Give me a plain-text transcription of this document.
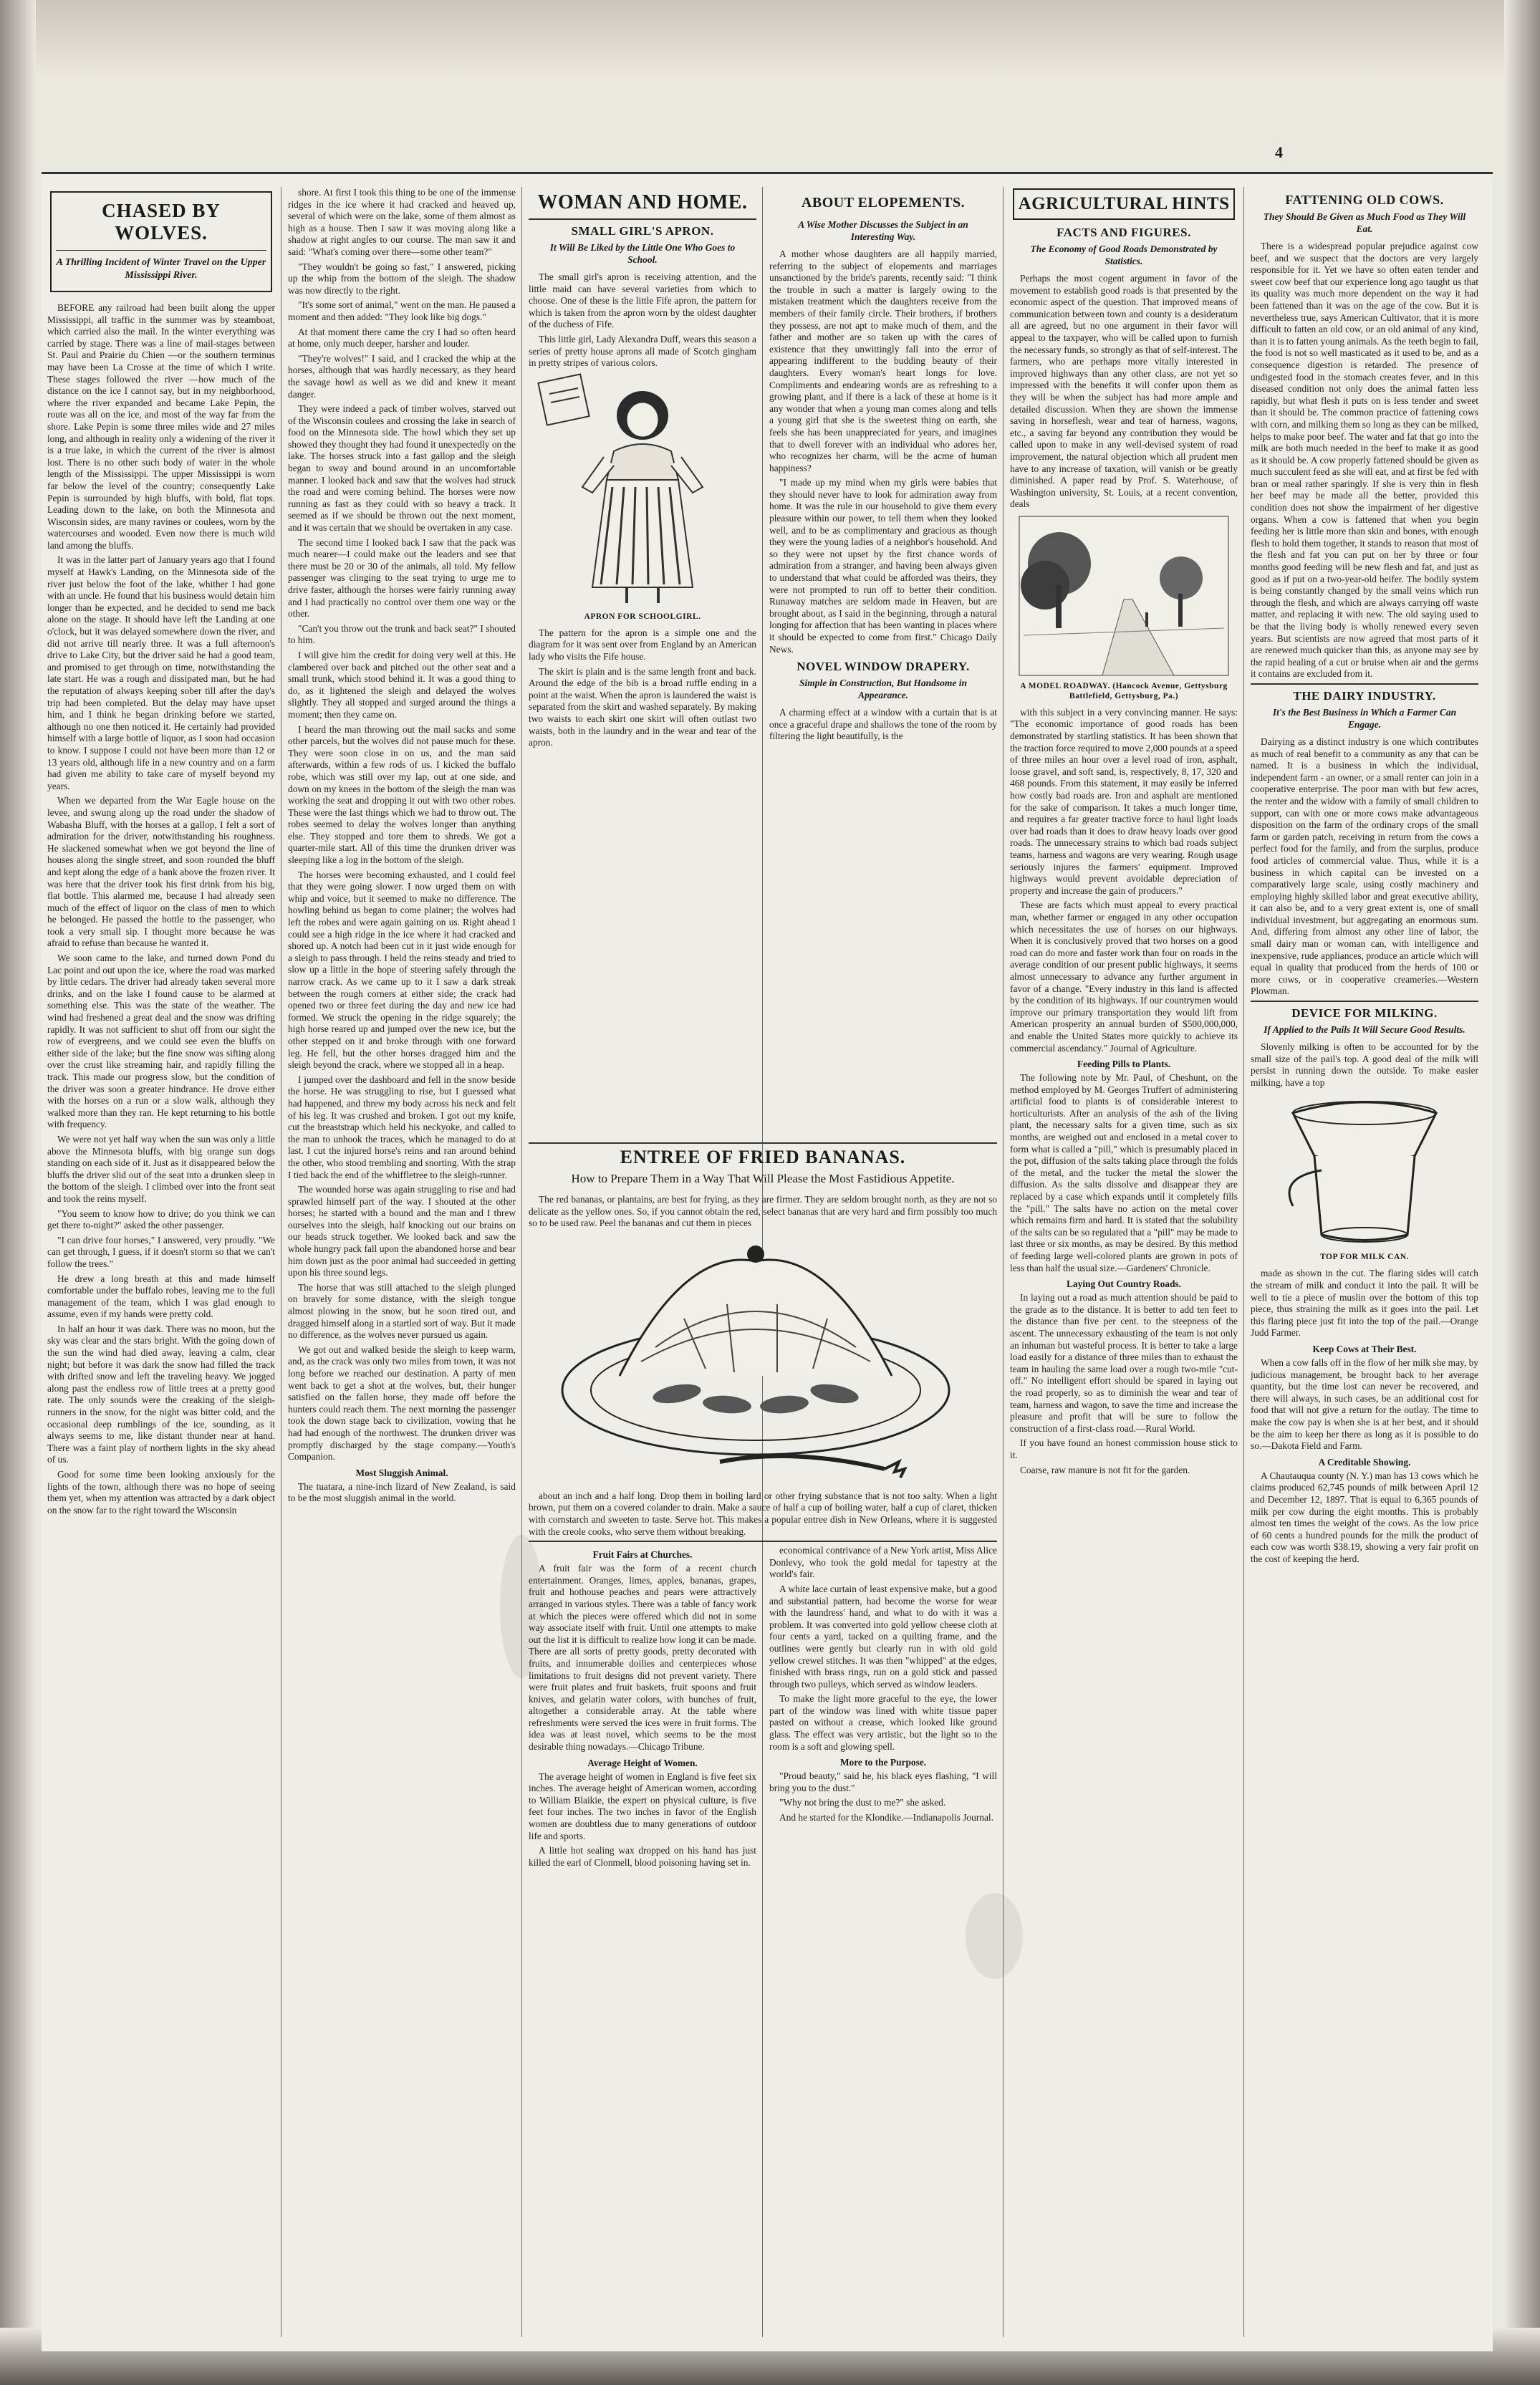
4
CHASED BY WOLVES.
A Thrilling Incident of Winter Travel on the Upper Mississippi River.

BEFORE any railroad had been built along the upper Mississippi, all traffic in the summer was by steamboat, which carried also the mail. In the winter everything was carried by stage. There was a line of mail-stages between St. Paul and Prairie du Chien —or the southern terminus may have been La Crosse at the time of which I write. These stages followed the river —how much of the distance on the ice I cannot say, but in my neighborhood, where the river expanded and became Lake Pepin, the route was all on the ice, and most of the way far from the shore. Lake Pepin is some three miles wide and 27 miles long, and although in reality only a widening of the river it is a true lake, in which the current of the river is almost lost. There is no other such body of water in the whole length of the Mississippi. The upper Mississippi is worn far below the level of the country; consequently Lake Pepin is surrounded by high bluffs, with bold, flat tops. Leading down to the lake, on both the Minnesota and Wisconsin sides, are many ravines or coulees, worn by the watercourses and wooded. Even now there is much wild land among the bluffs.

It was in the latter part of January years ago that I found myself at Hawk's Landing, on the Minnesota side of the river just below the foot of the lake, whither I had gone with an uncle. He found that his business would detain him longer than he expected, and he decided to send me back alone on the stage. It should have left the Landing at one o'clock, but it was delayed somewhere down the river, and did not arrive till nearly three. It was a full afternoon's drive to Lake City, but the driver said he had a good team, and promised to get through on time, notwithstanding the late start. He was a rough and dissipated man, but he had the reputation of always keeping sober till after the day's trip had been completed. But the delay may have upset him, and I think he began drinking before we started, although no one then noticed it. He certainly had provided himself with a large bottle of liquor, as I soon had occasion to know. I suppose I could not have been more than 12 or 13 years old, although life in a new country and on a farm had given me ability to take care of myself beyond my years.

When we departed from the War Eagle house on the levee, and swung along up the road under the shadow of Wabasha Bluff, with the horses at a gallop, I felt a sort of admiration for the driver, notwithstanding his roughness. He slackened somewhat when we got beyond the line of houses along the single street, and soon rounded the bluff and kept along the edge of a bank above the frozen river. It was here that the driver took his first drink from his big, flat bottle. This alarmed me, because I had already seen much of the effect of liquor on the class of men to which he belonged. He passed the bottle to the passenger, who took a very small sip. I thought more because he was afraid to refuse than because he wanted it.

We soon came to the lake, and turned down Pond du Lac point and out upon the ice, where the road was marked by little cedars. The driver had already taken several more drinks, and on the lake I found cause to be alarmed at something else. This was the state of the weather. The wind had freshened a great deal and the snow was drifting rapidly. It was not sufficient to shut off from our sight the row of evergreens, and we could see even the bluffs on either side of the lake; but the fine snow was sifting along over the crust like streaming hair, and rapidly filling the track. This made our progress slow, but the condition of the driver was soon a greater hindrance. He drove either with the horses on a run or a slow walk, although they walked more than they ran. He kept returning to his bottle with frequency.

We were not yet half way when the sun was only a little above the Minnesota bluffs, with big orange sun dogs standing on each side of it. Just as it disappeared below the bluffs the driver slid out of the seat into a drunken sleep in the bottom of the sleigh. I climbed over into the front seat and took the reins myself.

"You seem to know how to drive; do you think we can get there to-night?" asked the other passenger.

"I can drive four horses," I answered, very proudly. "We can get through, I guess, if it doesn't storm so that we can't follow the trees."

He drew a long breath at this and made himself comfortable under the buffalo robes, leaving me to the full management of the team, which I was glad enough to assume, even if my hands were pretty cold.

In half an hour it was dark. There was no moon, but the sky was clear and the stars bright. With the going down of the sun the wind had died away, leaving a calm, clear night; but before it was dark the snow had filled the track with drifted snow and left the traveling heavy. We jogged along past the endless row of little trees at a pretty good rate. The only sounds were the creaking of the sleigh-runners in the snow, for the night was bitter cold, and the occasional deep rumblings of the ice, sounding, as it always seems to me, like distant thunder near at hand. There was a faint play of northern lights in the sky ahead of us.

Good for some time been looking anxiously for the lights of the town, although there was no hope of seeing them yet, when my attention was attracted by a dark object on the snow far to the right toward the Wisconsin

shore. At first I took this thing to be one of the immense ridges in the ice where it had cracked and heaved up, several of which were on the lake, some of them almost as high as a house. Then I saw it was moving along like a shadow at right angles to our course. The man saw it and said: "What's coming over there—some other team?"

"They wouldn't be going so fast," I answered, picking up the whip from the bottom of the sleigh. The shadow was now directly to the right.

"It's some sort of animal," went on the man. He paused a moment and then added: "They look like big dogs."

At that moment there came the cry I had so often heard at home, only much deeper, harsher and louder.

"They're wolves!" I said, and I cracked the whip at the horses, although that was hardly necessary, as they heard the savage howl as well as we did and knew it meant danger.

They were indeed a pack of timber wolves, starved out of the Wisconsin coulees and crossing the lake in search of food on the Minnesota side. The howl which they set up showed they thought they had found it unexpectedly on the lake. The horses struck into a fast gallop and the sleigh began to sway and bound around in an uncomfortable manner. I looked back and saw that the wolves had struck the road and were coming behind. The horses were now running as fast as they could with so heavy a track. It seemed as if we should be thrown out the next moment, and it was certain that we should be overtaken in any case.

The second time I looked back I saw that the pack was much nearer—I could make out the leaders and see that there must be 20 or 30 of the animals, all told. My fellow passenger was clinging to the seat trying to urge me to drive faster, although the horses were fairly running away and I had practically no control over them one way or the other.

"Can't you throw out the trunk and back seat?" I shouted to him.

I will give him the credit for doing very well at this. He clambered over back and pitched out the other seat and a small trunk, which stood behind it. It was a good thing to do, as it lightened the sleigh and delayed the wolves slightly. They all stopped and surged around the things a moment; then they came on.

I heard the man throwing out the mail sacks and some other parcels, but the wolves did not pause much for these. They were soon close in on us, and the man said afterwards, within a few rods of us. I kicked the buffalo robe, which was still over my lap, out at one side, and down on my knees in the bottom of the sleigh the man was working the seat and dropping it out with two other robes. These were the last things which we had to throw out. The robes seemed to delay the wolves longer than anything else. They stopped and tore them to shreds. We got a quarter-mile start. All of this time the drunken driver was sleeping like a log in the bottom of the sleigh.

The horses were becoming exhausted, and I could feel that they were going slower. I now urged them on with whip and voice, but it seemed to make no difference. The howling behind us began to come plainer; the wolves had left the robes and were again gaining on us. Right ahead I could see a high ridge in the ice where it had cracked and shored up. A notch had been cut in it just wide enough for a sleigh to pass through. I held the reins steady and tried to slow up a little in the hope of steering safely through the narrow crack. As we came up to it I saw a dark streak between the rough corners at either side; the crack had opened two or three feet during the day and new ice had formed. We struck the opening in the ridge squarely; the high horse reared up and jumped over the new ice, but the other stepped on it and broke through with one forward leg. He fell, but the other horses dragged him and the sleigh beyond the crack, where we stopped all in a heap.

I jumped over the dashboard and fell in the snow beside the horse. He was struggling to rise, but I guessed what had happened, and threw my body across his neck and felt of his leg. It was crushed and broken. I got out my knife, cut the breaststrap which held his neckyoke, and called to the man to unhook the traces, which he managed to do at last. I cut the injured horse's reins and ran around behind the other, who stood trembling and snorting. With the strap I tied back the end of the whiffletree to the sleigh-runner.

The wounded horse was again struggling to rise and had sprawled himself part of the way. I shouted at the other horses; he started with a bound and the man and I threw ourselves into the sleigh, half knocking out our brains on our heads struck together. We looked back and saw the whole hungry pack fall upon the abandoned horse and bear him down just as the poor animal had succeeded in getting upon his three sound legs.

The horse that was still attached to the sleigh plunged on bravely for some distance, with the sleigh tongue almost plowing in the snow, but he soon tired out, and dragged himself along in a startled sort of way. But it made no difference, as the wolves never pursued us again.

We got out and walked beside the sleigh to keep warm, and, as the crack was only two miles from town, it was not long before we reached our destination. A party of men went back to get a shot at the wolves, but, their hunger satisfied on the fallen horse, they made off before the hunters could reach them. The next morning the passenger took the down stage back to civilization, vowing that he had had enough of the northwest. The drunken driver was promptly discharged by the stage company.—Youth's Companion.

Most Sluggish Animal.

The tuatara, a nine-inch lizard of New Zealand, is said to be the most sluggish animal in the world.

WOMAN AND HOME.
SMALL GIRL'S APRON.
It Will Be Liked by the Little One Who Goes to School.

The small girl's apron is receiving attention, and the little maid can have several varieties from which to choose. One of these is the little Fife apron, the pattern for which is taken from the apron worn by the oldest daughter of the duchess of Fife.

This little girl, Lady Alexandra Duff, wears this season a series of pretty house aprons all made of Scotch gingham in pretty stripes of various colors.

APRON FOR SCHOOLGIRL.

The pattern for the apron is a simple one and the diagram for it was sent over from England by an American lady who visits the Fife house.

The skirt is plain and is the same length front and back. Around the edge of the bib is a broad ruffle ending in a point at the waist. When the apron is laundered the waist is separated from the skirt and washed separately. By making two waists to each skirt one skirt will often outlast two waists, both in the laundry and in the wear and tear of the apron.

ABOUT ELOPEMENTS.
A Wise Mother Discusses the Subject in an Interesting Way.

A mother whose daughters are all happily married, referring to the subject of elopements and marriages unsanctioned by the bride's parents, recently said: "I think the trouble in such a matter is largely owing to the mistaken treatment which the daughters receive from the members of their family circle. Their brothers, if brothers they possess, are not apt to make much of them, and the father and mother are so taken up with the cares of existence that they unwittingly fall into the error of appearing indifferent to the budding beauty of their daughters. Every woman's heart longs for love. Compliments and endearing words are as refreshing to a growing plant, and if there is a lack of these at home is it any wonder that when a young man comes along and tells a young girl that she is the sweetest thing on earth, she feels she has been unappreciated for years, and imagines that to dwell forever with an individual who adores her, who recognizes her charm, will be the acme of human happiness?

"I made up my mind when my girls were babies that they should never have to look for admiration away from home. It was the rule in our household to give them every pleasure within our power, to tell them when they looked well, and to be as complimentary and gracious as though they were the young ladies of a neighbor's household. And so they were not upset by the first chance words of admiration from a stranger, and having been always given to understand that what could be afforded was theirs, they were not prompted to run off to better their condition. Runaway matches are seldom made in Heaven, but are brought about, as I said in the beginning, through a natural longing for affection that has been wanting in places where it should be expected to come from first." Chicago Daily News.

NOVEL WINDOW DRAPERY.
Simple in Construction, But Handsome in Appearance.

A charming effect at a window with a curtain that is at once a graceful drape and shallows the tone of the room by filtering the light beautifully, is the

ENTREE OF FRIED BANANAS.
How to Prepare Them in a Way That Will Please the Most Fastidious Appetite.

The red bananas, or plantains, are best for frying, as they are firmer. They are seldom brought north, as they are not so delicate as the yellow ones. So, if you cannot obtain the red, select bananas that are very hard and firm possibly too much so to be used raw. Peel the bananas and cut them in pieces

about an inch and a half long. Drop them in boiling lard or other frying substance that is not too salty. When a light brown, put them on a covered colander to drain. Make a sauce of half a cup of boiling water, half a cup of claret, thicken with cornstarch and sweeten to taste. Serve hot. This makes a popular entree dish in New Orleans, where it is suggested with the creole cooks, who serve them without breaking.

Fruit Fairs at Churches.

A fruit fair was the form of a recent church entertainment. Oranges, limes, apples, bananas, grapes, fruit and hothouse peaches and pears were attractively arranged in various styles. There was a table of fancy work at which the pieces were offered which did not in some way associate itself with fruit. Until one attempts to make out the list it is difficult to realize how long it can be made. There are all sorts of pretty goods, pretty decorated with fruits, and innumerable doilies and centerpieces whose limitations to fruit designs did not prevent variety. There were fruit plates and fruit baskets, fruit spoons and fruit knives, and gelatin water colors, with bunches of fruit, altogether a considerable array. At the table where refreshments were served the ices were in fruit forms. The idea was at least novel, which seems to be the most desirable thing nowadays.—Chicago Tribune.

Average Height of Women.

The average height of women in England is five feet six inches. The average height of American women, according to William Blaikie, the expert on physical culture, is five feet four inches. The two inches in favor of the English women are doubtless due to many generations of outdoor life and sports.

A little hot sealing wax dropped on his hand has just killed the earl of Clonmell, blood poisoning having set in.

economical contrivance of a New York artist, Miss Alice Donlevy, who took the gold medal for tapestry at the world's fair.

A white lace curtain of least expensive make, but a good and substantial pattern, had become the worse for wear with the laundress' hand, and what to do with it was a problem. It was converted into gold yellow cheese cloth at four cents a yard, tacked on a quilting frame, and the outlines were gently but clearly run in with old gold yellow crewel stitches. It was then "whipped" at the edges, finished with brass rings, run on a gold stick and passed through two pulleys, which served as window leaders.

To make the light more graceful to the eye, the lower part of the window was lined with white tissue paper pasted on without a crease, which looked like ground glass. The effect was very artistic, but the light so to the room is a soft and glowing spell.

More to the Purpose.

"Proud beauty," said he, his black eyes flashing, "I will bring you to the dust."

"Why not bring the dust to me?" she asked.

And he started for the Klondike.—Indianapolis Journal.

AGRICULTURAL HINTS
FACTS AND FIGURES.
The Economy of Good Roads Demonstrated by Statistics.

Perhaps the most cogent argument in favor of the movement to establish good roads is that presented by the economic aspect of the question. That improved means of communication between town and county is a desideratum all are agreed, but no one argument in their favor will appeal to the taxpayer, who will be called upon to furnish the necessary funds, so strongly as that of self-interest. The farmers, who are perhaps more vitally interested in improved highways than any other class, are not yet so impressed with the benefits it will confer upon them as they will be when the subject has had more ample and detailed discussion. When they are shown the immense saving in horseflesh, wear and tear of harness, wagons, etc., a saving far beyond any contribution they would be called upon to make in any well-devised system of road improvement, the natural objection which all prudent men have to any increase of taxation, will vanish or be greatly diminished. A paper read by Prof. S. Waterhouse, of Washington university, St. Louis, at a recent convention, deals

A MODEL ROADWAY. (Hancock Avenue, Gettysburg Battlefield, Gettysburg, Pa.)

with this subject in a very convincing manner. He says: "The economic importance of good roads has been demonstrated by startling statistics. It has been shown that the traction force required to move 2,000 pounds at a speed of three miles an hour over a level road of iron, asphalt, loose gravel, and soft sand, is, respectively, 8, 17, 320 and 468 pounds. From this statement, it may easily be inferred how costly bad roads are. Iron and asphalt are mentioned for the sake of comparison. It takes a much longer time, and requires a far greater tractive force to haul light loads over bad roads than it does to draw heavy loads over good roads. The unnecessary strains to which bad roads subject teams, harness and wagons are very wearing. Rough usage seriously injures the farmers' equipment. Improved highways would prevent avoidable depreciation of property and increase the gain of producers."

These are facts which must appeal to every practical man, whether farmer or engaged in any other occupation which necessitates the use of horses on our highways. When it is conclusively proved that two horses on a good road can do more and faster work than four on roads in the average condition of our present public highways, it seems almost unnecessary to advance any further argument in favor of a change. "Every industry in this land is affected by the condition of its highways. If our countrymen would improve our primary transportation they would lift from American prosperity an annual burden of $500,000,000, and enable the United States more quickly to achieve its commercial ascendancy." Journal of Agriculture.

Feeding Pills to Plants.

The following note by Mr. Paul, of Cheshunt, on the method employed by M. Georges Truffert of administering artificial food to plants is of considerable interest to horticulturists. After an analysis of the ash of the living plant, the necessary salts for a given time, such as six months, are weighed out and enclosed in a metal cover to form what is called a "pill," which is presumably placed in the pot, diffusion of the salts taking place through the folds of the metal, and the tucker the metal the slower the diffusion. As the salts dissolve and disappear they are replaced by a case which expands until it completely fills the "pill." The salts have no action on the metal cover which remains firm and hard. It is stated that the solubility of the salts can be so regulated that a "pill" may be made to last three or six months, as may be desired. By this method of feeding large well-colored plants are grown in pots of less than half the usual size.—Gardeners' Chronicle.

Laying Out Country Roads.

In laying out a road as much attention should be paid to the grade as to the distance. It is better to add ten feet to the distance than five per cent. to the steepness of the ascent. The unnecessary exhausting of the team is not only an inhuman but wasteful process. It is better to take a large load easily for a distance of three miles than to exhaust the team in hauling the same load over a rough two-mile "cut-off." No intelligent effort should be spared in laying out the road properly, so as to diminish the wear and tear of team, harness and wagon, to save the time and increase the pleasure and profit that will be sure to follow the construction of a first-class road.—Rural World.

If you have found an honest commission house stick to it.

Coarse, raw manure is not fit for the garden.

FATTENING OLD COWS.
They Should Be Given as Much Food as They Will Eat.

There is a widespread popular prejudice against cow beef, and we suspect that the doctors are very largely responsible for it. Yet we have so often eaten tender and sweet cow beef that our experience long ago taught us that its quality was much more dependent on the way it had been fattened than it was on the age of the cow. But it is nevertheless true, says American Cultivator, that it is more difficult to fatten an old cow, or an old animal of any kind, than it is to fatten young animals. As the teeth begin to fail, the food is not so well masticated as it used to be, and as a consequence digestion is retarded. The presence of undigested food in the stomach creates fever, and in this diseased condition not only does the animal fatten less rapidly, but what flesh it puts on is less tender and sweet than it should be. The common practice of fattening cows with corn, and milking them so long as they can be milked, helps to make poor beef. The water and fat that go into the milk are both much needed in the beef to make it as good as it should be. A cow properly fattened should be given as much succulent feed as she will eat, and at first be fed with bran or meal rather sparingly. If she is very thin in flesh her beef may be made all the better, provided this condition does not show the impairment of her digestive organs. When a cow is fattened that when you begin feeding her is little more than skin and bones, with enough flesh to hold them together, it stands to reason that most of the flesh and fat you can put on her by three or four months good feeding will be new flesh and fat, and just as good as if put on a two-year-old heifer. The bodily system is being constantly changed by the small veins which run through the flesh, and which are always carrying off waste matter, and replacing it with new. The old saying used to be that the living body is wholly renewed every seven years. But scientists are now agreed that most parts of it are renewed much quicker than this, as anyone may see by the rapid healing of a cut or bruise when air and the germs it contains are excluded from it.

THE DAIRY INDUSTRY.
It's the Best Business in Which a Farmer Can Engage.

Dairying as a distinct industry is one which contributes as much of real benefit to a community as any that can be named. It is a business in which the individual, independent farm - an owner, or a small renter can join in a cooperative enterprise. The poor man with but few acres, the renter and the widow with a family of small children to support, can with one or more cows make advantageous disposition on the farm of the ordinary crops of the small farm or garden patch, receiving in return from the cows a perfect food for the family, and from the surplus, produce food articles of commercial value. Thus, while it is a business in which capital can be invested on a comparatively large scale, using costly machinery and employing highly skilled labor and great executive ability, it can also be, and to a very great extent is, one of small individual investment, but aggregating an enormous sum. And, differing from almost any other line of labor, the small dairy man or woman can, with intelligence and inexpensive, rude appliances, produce an article which will equal in quality that produced from the herds of 100 or more cows, or in cooperative creameries.—Western Plowman.

DEVICE FOR MILKING.
If Applied to the Pails It Will Secure Good Results.

Slovenly milking is often to be accounted for by the small size of the pail's top. A good deal of the milk will persist in running down the outside. To make easier milking, have a top

TOP FOR MILK CAN.

made as shown in the cut. The flaring sides will catch the stream of milk and conduct it into the pail. It will be well to tie a piece of muslin over the bottom of this top piece, thus straining the milk as it goes into the pail. Let this flaring piece just fit into the top of the pail.—Orange Judd Farmer.

Keep Cows at Their Best.

When a cow falls off in the flow of her milk she may, by judicious management, be brought back to her average quantity, but the time lost can never be recovered, and there will always, in such cases, be an additional cost for food that will not give a return for the outlay. The time to make the cow pay is when she is at her best, and it should be the aim to keep her there as long as it is possible to do so.—Dakota Field and Farm.

A Creditable Showing.

A Chautauqua county (N. Y.) man has 13 cows which he claims produced 62,745 pounds of milk between April 12 and December 12, 1897. That is equal to 6,365 pounds of milk per cow during the eight months. This is probably almost ten times the weight of the cows. As the low price of 60 cents a hundred pounds for the milk the product of each cow was worth $38.19, showing a very fair profit on the cost of keeping the herd.
